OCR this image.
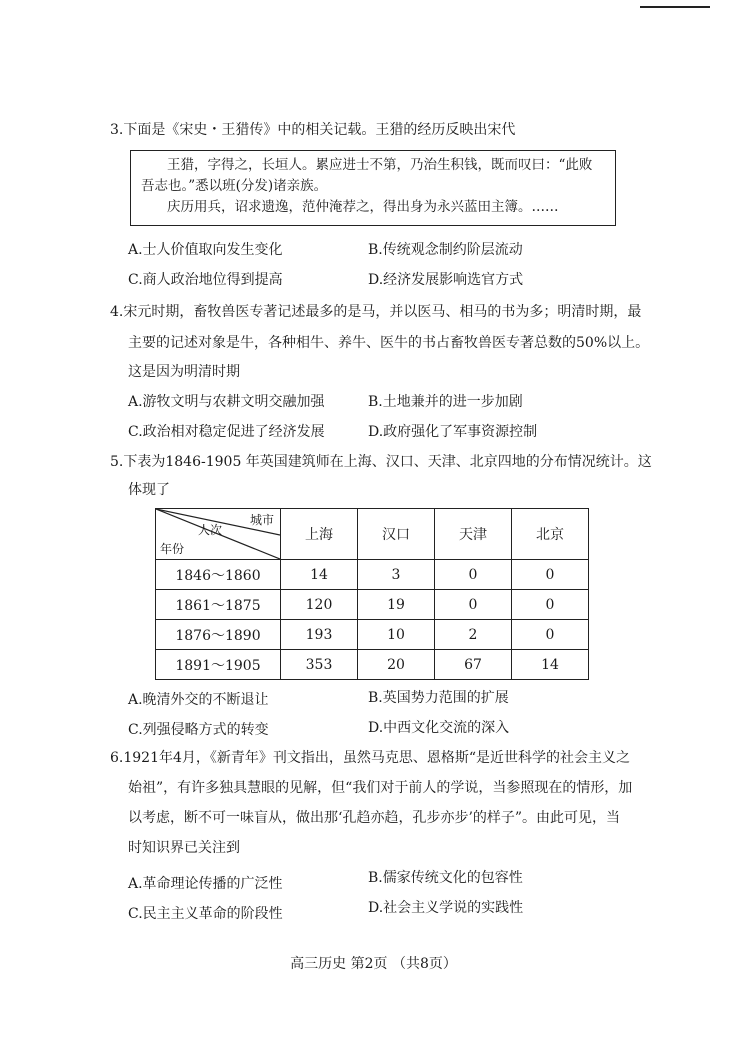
3.下面是《宋史・王猎传》中的相关记载。王猎的经历反映出宋代
王猎，字得之，长垣人。累应进士不第，乃治生积钱，既而叹曰：“此败
吾志也。”悉以班(分发)诸亲族。
庆历用兵，诏求遗逸，范仲淹荐之，得出身为永兴蓝田主簿。……
A.士人价值取向发生变化	B.传统观念制约阶层流动
C.商人政治地位得到提高	D.经济发展影响选官方式
4.宋元时期，畜牧兽医专著记述最多的是马，并以医马、相马的书为多；明清时期，最
主要的记述对象是牛，各种相牛、养牛、医牛的书占畜牧兽医专著总数的50%以上。
这是因为明清时期
A.游牧文明与农耕文明交融加强	B.土地兼并的进一步加剧
C.政治相对稳定促进了经济发展	D.政府强化了军事资源控制
5.下表为1846-1905 年英国建筑师在上海、汉口、天津、北京四地的分布情况统计。这
体现了
城市
人次
年份	上海	汉口	天津	北京
1846～1860	14	3	0	0
1861～1875	120	19	0	0
1876～1890	193	10	2	0
1891～1905	353	20	67	14
A.晚清外交的不断退让	B.英国势力范围的扩展
C.列强侵略方式的转变	D.中西文化交流的深入
6.1921年4月，《新青年》刊文指出，虽然马克思、恩格斯“是近世科学的社会主义之
始祖”，有许多独具慧眼的见解，但“我们对于前人的学说，当参照现在的情形，加
以考虑，断不可一味盲从，做出那‘孔趋亦趋，孔步亦步’的样子”。由此可见，当
时知识界已关注到
A.革命理论传播的广泛性	B.儒家传统文化的包容性
C.民主主义革命的阶段性	D.社会主义学说的实践性
高三历史 第2页 （共8页）
